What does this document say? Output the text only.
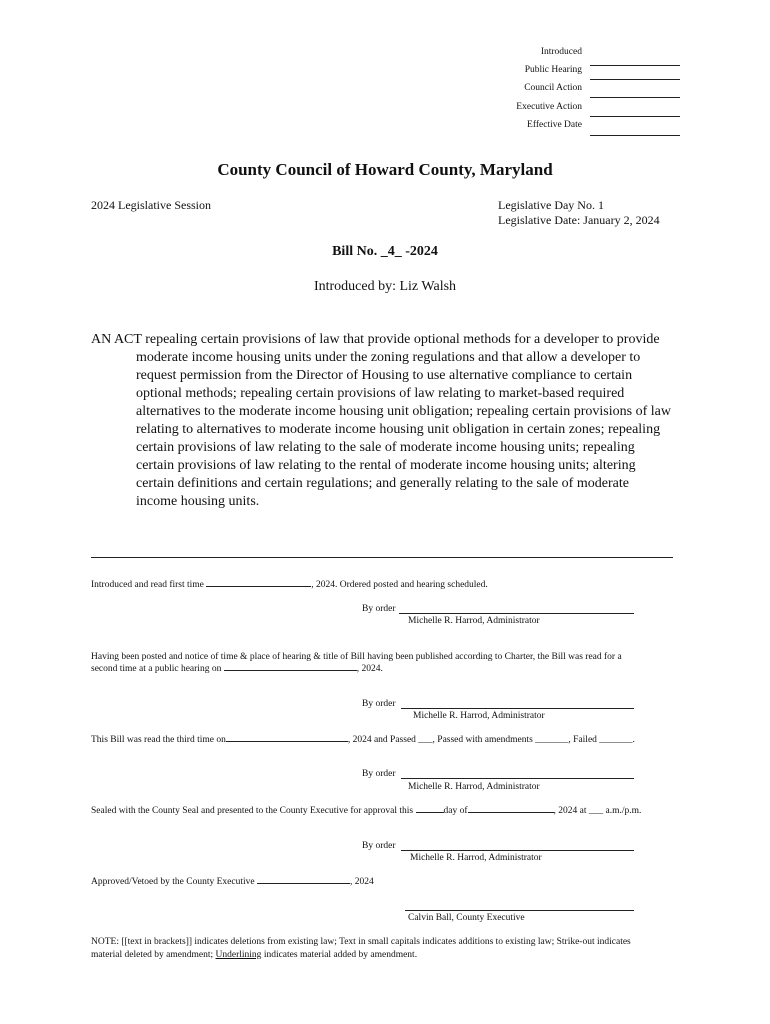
Introduced
Public Hearing
Council Action
Executive Action
Effective Date
County Council of Howard County, Maryland
2024 Legislative Session	Legislative Day No. 1
Legislative Date: January 2, 2024
Bill No. _4_ -2024
Introduced by: Liz Walsh

AN ACT repealing certain provisions of law that provide optional methods for a developer to provide moderate income housing units under the zoning regulations and that allow a developer to request permission from the Director of Housing to use alternative compliance to certain optional methods; repealing certain provisions of law relating to market-based required alternatives to the moderate income housing unit obligation; repealing certain provisions of law relating to alternatives to moderate income housing unit obligation in certain zones; repealing certain provisions of law relating to the sale of moderate income housing units; repealing certain provisions of law relating to the rental of moderate income housing units; altering certain definitions and certain regulations; and generally relating to the sale of moderate income housing units.

Introduced and read first time	, 2024. Ordered posted and hearing scheduled.
By order
Michelle R. Harrod, Administrator
Having been posted and notice of time & place of hearing & title of Bill having been published according to Charter, the Bill was read for a
second time at a public hearing on	, 2024.
By order
Michelle R. Harrod, Administrator
This Bill was read the third time on	, 2024 and Passed ___, Passed with amendments _______, Failed _______.
By order
Michelle R. Harrod, Administrator
Sealed with the County Seal and presented to the County Executive for approval this	day of	, 2024 at ___ a.m./p.m.
By order
Michelle R. Harrod, Administrator
Approved/Vetoed by the County Executive	, 2024
Calvin Ball, County Executive
NOTE: [[text in brackets]] indicates deletions from existing law; Text in small capitals indicates additions to existing law; Strike-out indicates
material deleted by amendment; Underlining indicates material added by amendment.
